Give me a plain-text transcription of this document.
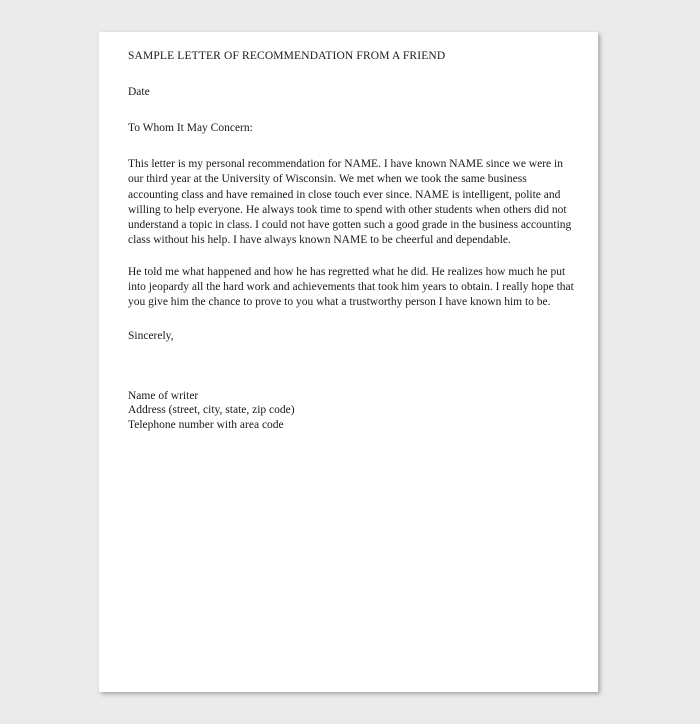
SAMPLE LETTER OF RECOMMENDATION FROM A FRIEND
Date
To Whom It May Concern:

This letter is my personal recommendation for NAME. I have known NAME since we were in our third year at the University of Wisconsin. We met when we took the same business accounting class and have remained in close touch ever since. NAME is intelligent, polite and willing to help everyone. He always took time to spend with other students when others did not understand a topic in class. I could not have gotten such a good grade in the business accounting class without his help. I have always known NAME to be cheerful and dependable.

He told me what happened and how he has regretted what he did. He realizes how much he put into jeopardy all the hard work and achievements that took him years to obtain. I really hope that you give him the chance to prove to you what a trustworthy person I have known him to be.

Sincerely,
Name of writer
Address (street, city, state, zip code)
Telephone number with area code
